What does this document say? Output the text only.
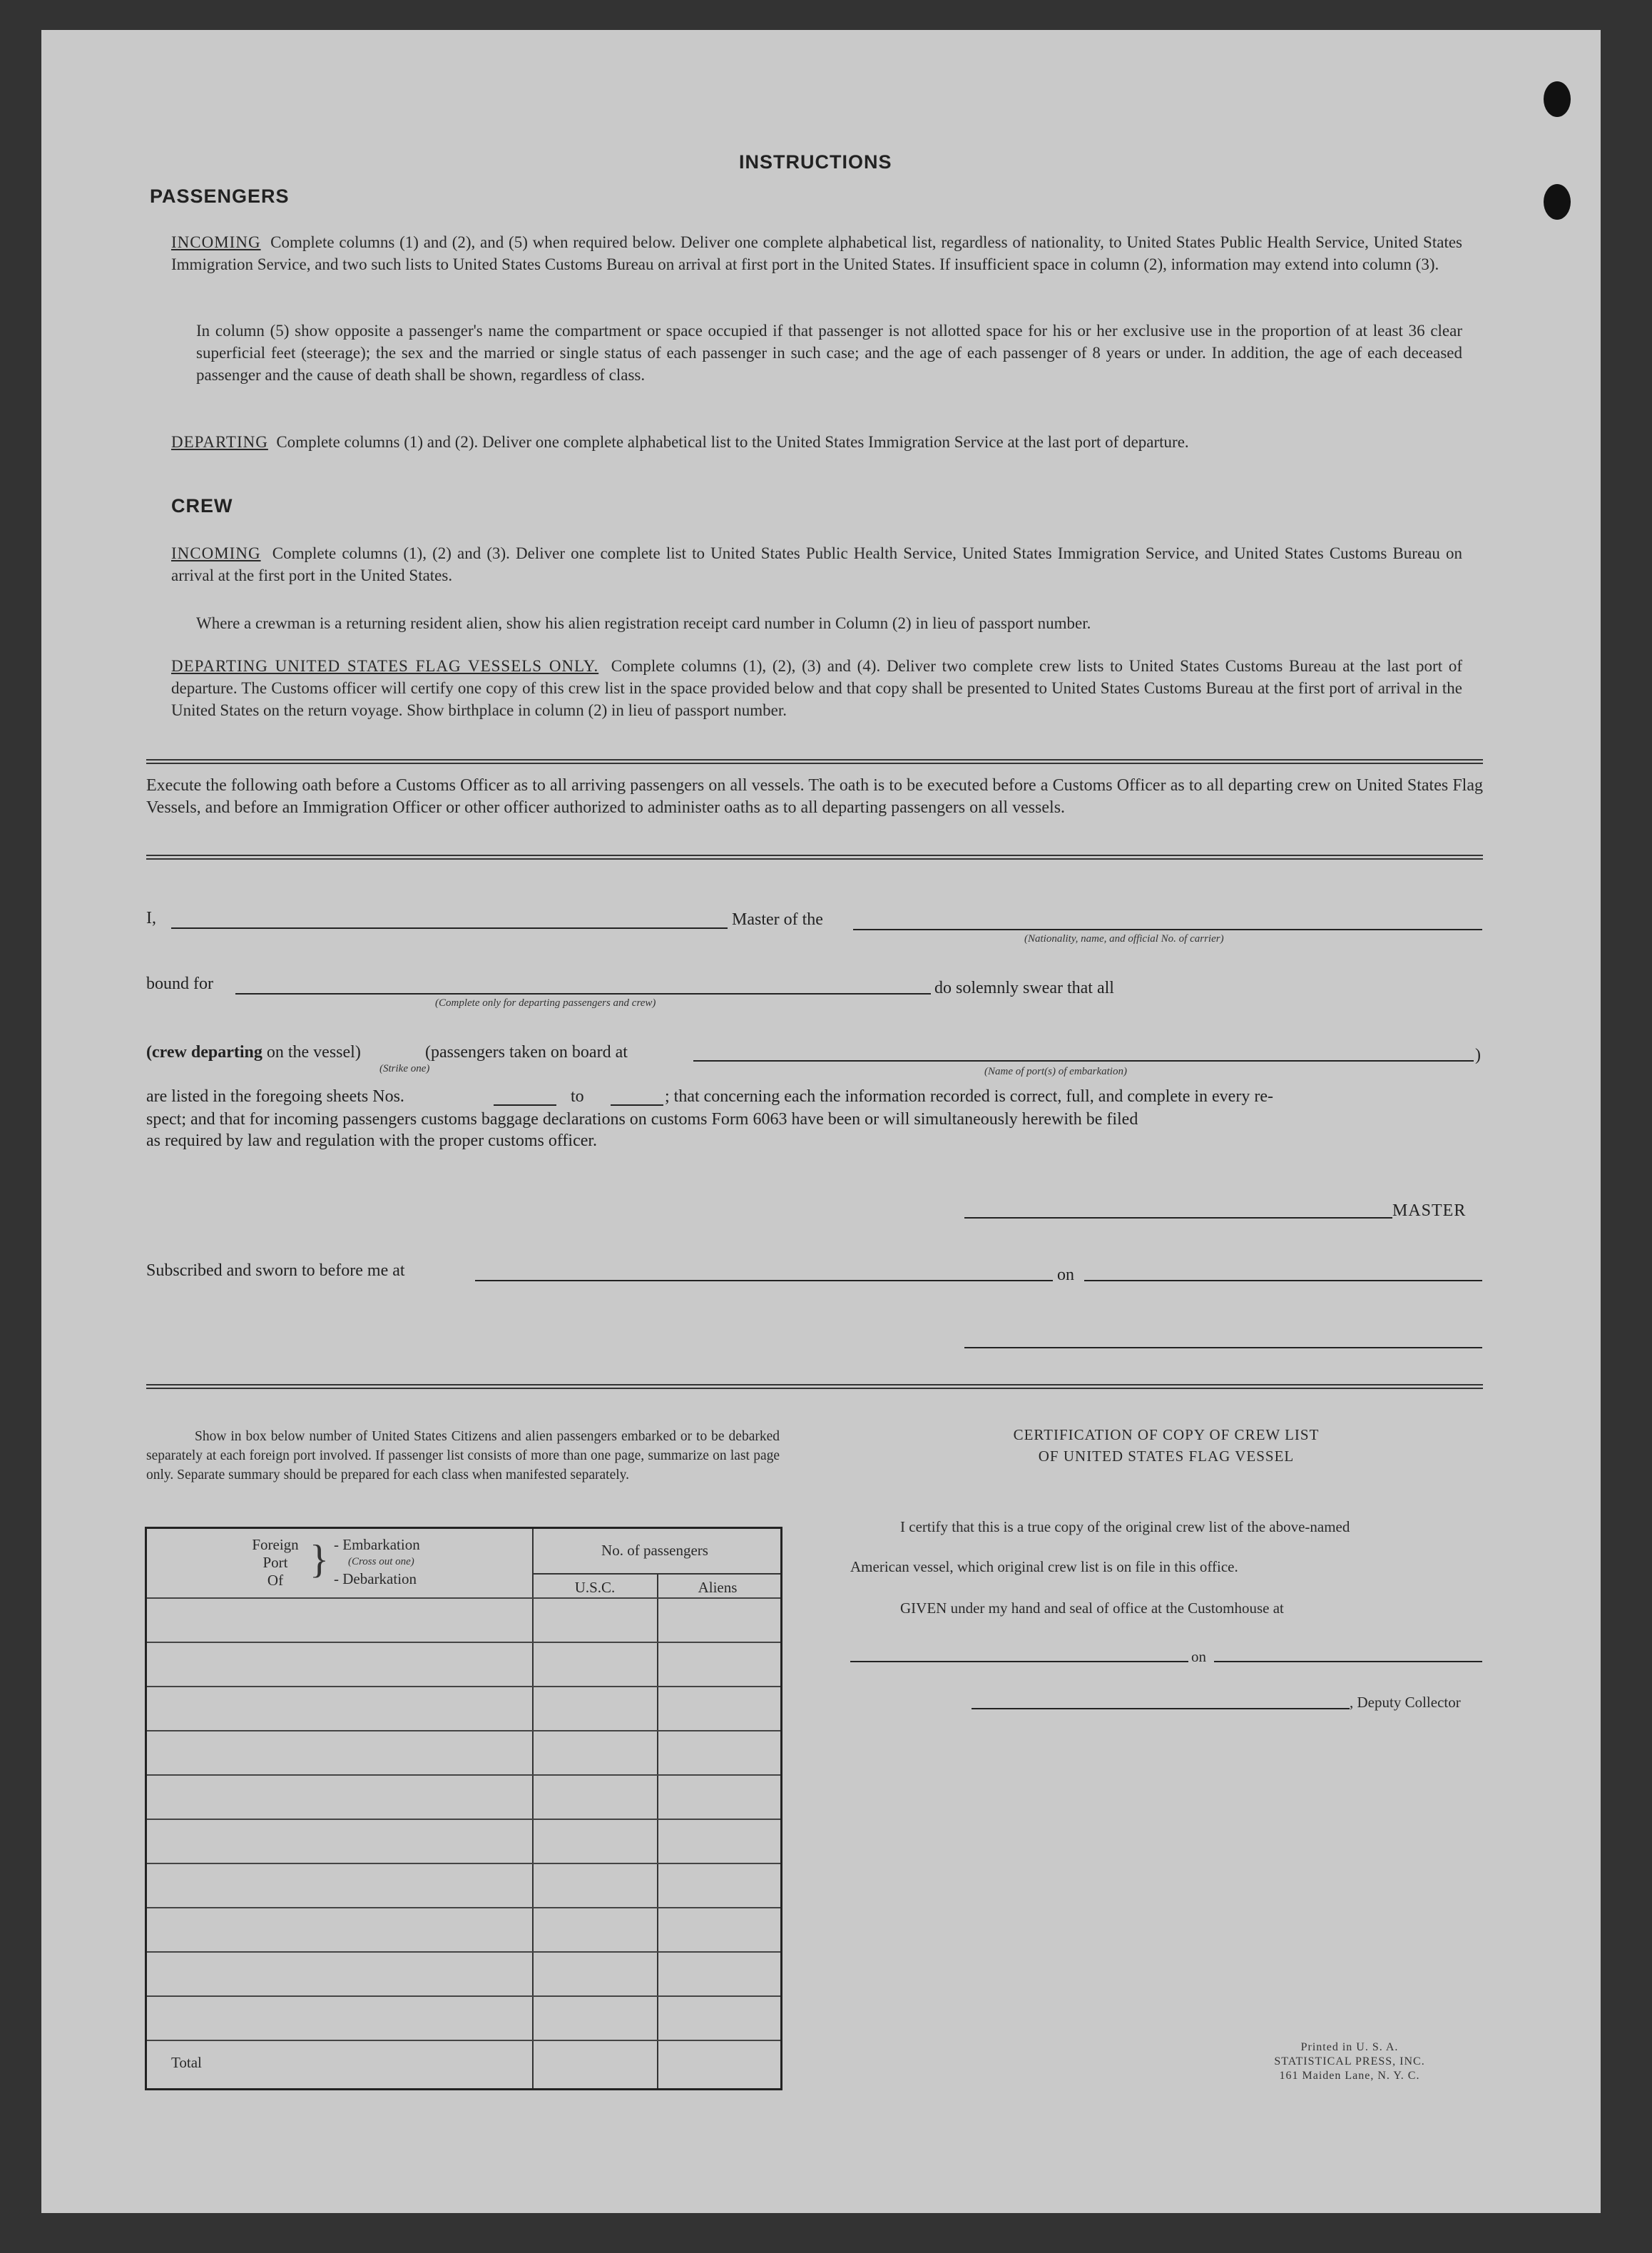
INSTRUCTIONS
PASSENGERS
INCOMING Complete columns (1) and (2), and (5) when required below. Deliver one complete alphabetical list, regardless of nationality, to United States Public Health Service, United States Immigration Service, and two such lists to United States Customs Bureau on arrival at first port in the United States. If insufficient space in column (2), information may extend into column (3).
In column (5) show opposite a passenger's name the compartment or space occupied if that passenger is not allotted space for his or her exclusive use in the proportion of at least 36 clear superficial feet (steerage); the sex and the married or single status of each passenger in such case; and the age of each passenger of 8 years or under. In addition, the age of each deceased passenger and the cause of death shall be shown, regardless of class.
DEPARTING Complete columns (1) and (2). Deliver one complete alphabetical list to the United States Immigration Service at the last port of departure.
CREW
INCOMING Complete columns (1), (2) and (3). Deliver one complete list to United States Public Health Service, United States Immigration Service, and United States Customs Bureau on arrival at the first port in the United States.
Where a crewman is a returning resident alien, show his alien registration receipt card number in Column (2) in lieu of passport number.
DEPARTING UNITED STATES FLAG VESSELS ONLY. Complete columns (1), (2), (3) and (4). Deliver two complete crew lists to United States Customs Bureau at the last port of departure. The Customs officer will certify one copy of this crew list in the space provided below and that copy shall be presented to United States Customs Bureau at the first port of arrival in the United States on the return voyage. Show birthplace in column (2) in lieu of passport number.
Execute the following oath before a Customs Officer as to all arriving passengers on all vessels. The oath is to be executed before a Customs Officer as to all departing crew on United States Flag Vessels, and before an Immigration Officer or other officer authorized to administer oaths as to all departing passengers on all vessels.
I,	Master of the
(Nationality, name, and official No. of carrier)
bound for
(Complete only for departing passengers and crew)
do solemnly swear that all
(crew departing on the vessel)
(Strike one)
(passengers taken on board at	)
(Name of port(s) of embarkation)
are listed in the foregoing sheets Nos.	to	; that concerning each the information recorded is correct, full, and complete in every re-
spect; and that for incoming passengers customs baggage declarations on customs Form 6063 have been or will simultaneously herewith be filed
as required by law and regulation with the proper customs officer.
MASTER
Subscribed and sworn to before me at	on
Show in box below number of United States Citizens and alien passengers embarked or to be debarked separately at each foreign port involved. If passenger list consists of more than one page, summarize on last page only. Separate summary should be prepared for each class when manifested separately.
Foreign
Port
Of } - Embarkation
(Cross out one)
- Debarkation
No. of passengers
U.S.C.	Aliens
Total
CERTIFICATION OF COPY OF CREW LIST
OF UNITED STATES FLAG VESSEL
I certify that this is a true copy of the original crew list of the above-named
American vessel, which original crew list is on file in this office.
GIVEN under my hand and seal of office at the Customhouse at
on
, Deputy Collector
Printed in U. S. A.
STATISTICAL PRESS, INC.
161 Maiden Lane, N. Y. C.
